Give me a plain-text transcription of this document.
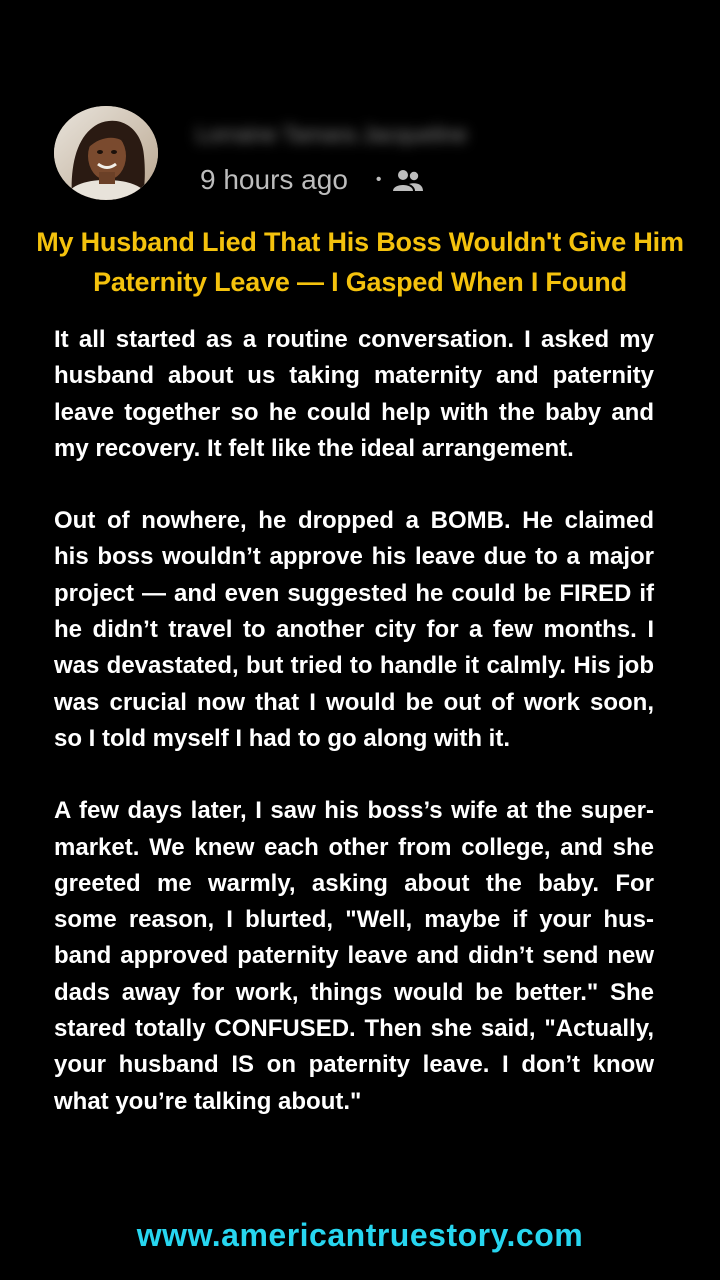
Lorraine Tamara Jacqueline
9 hours ago •
My Husband Lied That His Boss Wouldn't Give Him Paternity Leave — I Gasped When I Found

It all started as a routine conversation. I asked my husband about us taking maternity and paternity leave together so he could help with the baby and my recovery. It felt like the ideal arrangement.

Out of nowhere, he dropped a BOMB. He claimed his boss wouldn’t approve his leave due to a major project — and even suggested he could be FIRED if he didn’t travel to another city for a few months. I was devastated, but tried to handle it calmly. His job was crucial now that I would be out of work soon, so I told myself I had to go along with it.

A few days later, I saw his boss’s wife at the supermarket. We knew each other from college, and she greeted me warmly, asking about the baby. For some reason, I blurted, "Well, maybe if your husband approved paternity leave and didn’t send new dads away for work, things would be better." She stared totally CONFUSED. Then she said, "Actually, your husband IS on paternity leave. I don’t know what you’re talking about."

www.americantruestory.com
